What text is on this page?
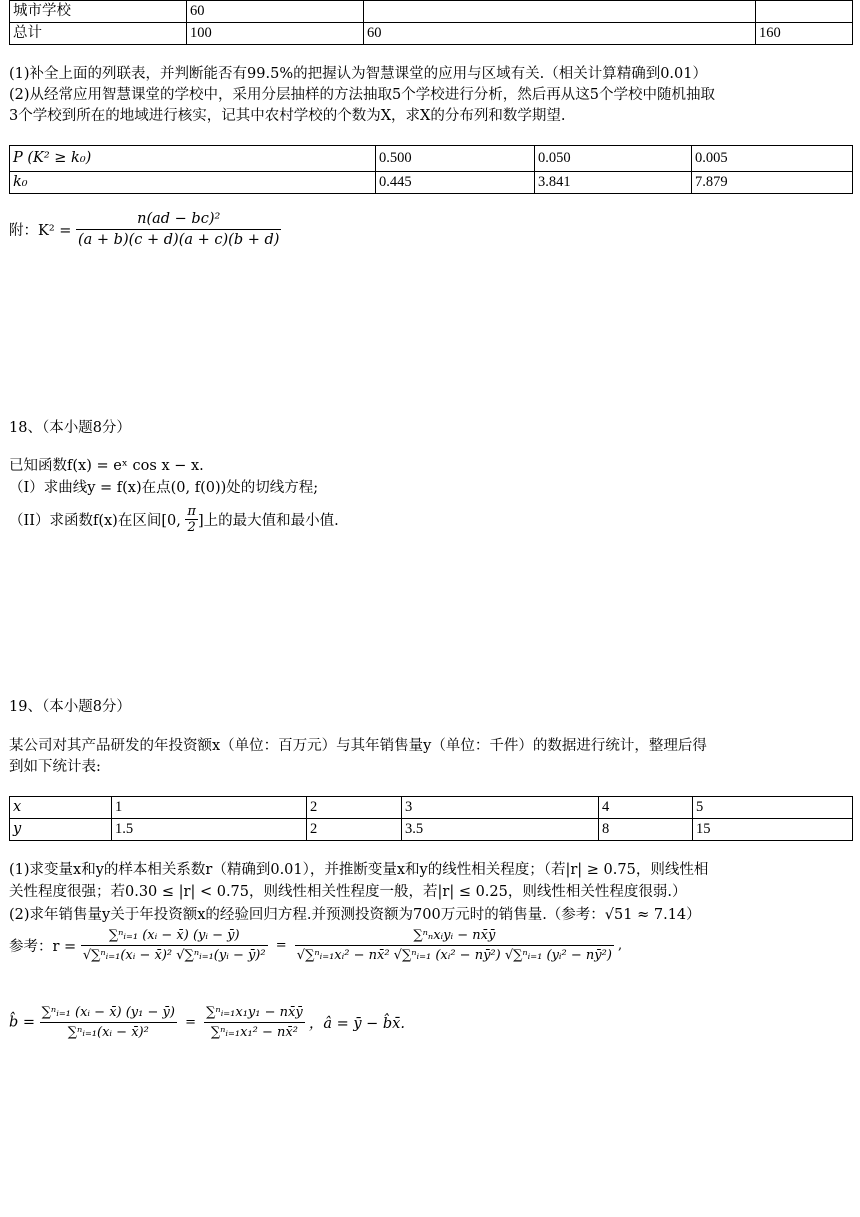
城市学校	60		
总计	100	60	160
(1)补全上面的列联表，并判断能否有99.5%的把握认为智慧课堂的应用与区域有关.（相关计算精确到0.01）
(2)从经常应用智慧课堂的学校中，采用分层抽样的方法抽取5个学校进行分析，然后再从这5个学校中随机抽取
3个学校到所在的地域进行核实，记其中农村学校的个数为X，求X的分布列和数学期望.
P (K² ≥ k₀)	0.500	0.050	0.005
k₀	0.445	3.841	7.879
附：$K^2 = \frac{\text{n(ad − bc)²}}{(a + b)(c + d)(a + c)(b + d)}$
18、（本小题8分）
已知函数f(x) = eˣ cos x − x.
（I）求曲线y = f(x)在点(0, f(0))处的切线方程;
（II）求函数f(x)在区间[0, $\frac{\pi}{2}$ ]上的最大值和最小值.
19、（本小题8分）
某公司对其产品研发的年投资额x（单位：百万元）与其年销售量y（单位：千件）的数据进行统计，整理后得
到如下统计表:
x	1	2	3	4	5
y	1.5	2	3.5	8	15
(1)求变量x和y的样本相关系数r（精确到0.01），并推断变量x和y的线性相关程度；（若|r| ≥ 0.75，则线性相
关性程度很强；若0.30 ≤ |r| < 0.75，则线性相关性程度一般，若|r| ≤ 0.25，则线性相关性程度很弱.）
(2)求年销售量y关于年投资额x的经验回归方程.并预测投资额为700万元时的销售量.（参考：√51 ≈ 7.14）
参考：$r = \frac{\text{∑ⁿᵢ₌₁ (xᵢ − x̄) (yᵢ − ȳ)}}{\text{√∑ⁿᵢ₌₁(xᵢ − x̄)² √∑ⁿᵢ₌₁(yᵢ − ȳ)²}} = \frac{\text{∑ⁿₙxᵢyᵢ − nx̄ȳ}}{\text{√∑ⁿᵢ₌₁xᵢ² − nx̄² √∑ⁿᵢ₌₁ (xᵢ² − nȳ²) √∑ⁿᵢ₌₁ (yᵢ² − nȳ²)}}$ ,
b̂ = $\frac{\text{∑ⁿᵢ₌₁ (xᵢ − x̄) (y₁ − ȳ)}}{\text{∑ⁿᵢ₌₁(xᵢ − x̄)²}} = \frac{\text{∑ⁿᵢ₌₁x₁y₁ − nx̄ȳ}}{\text{∑ⁿᵢ₌₁x₁² − nx̄²}}$ ，â = ȳ − b̂x̄.
